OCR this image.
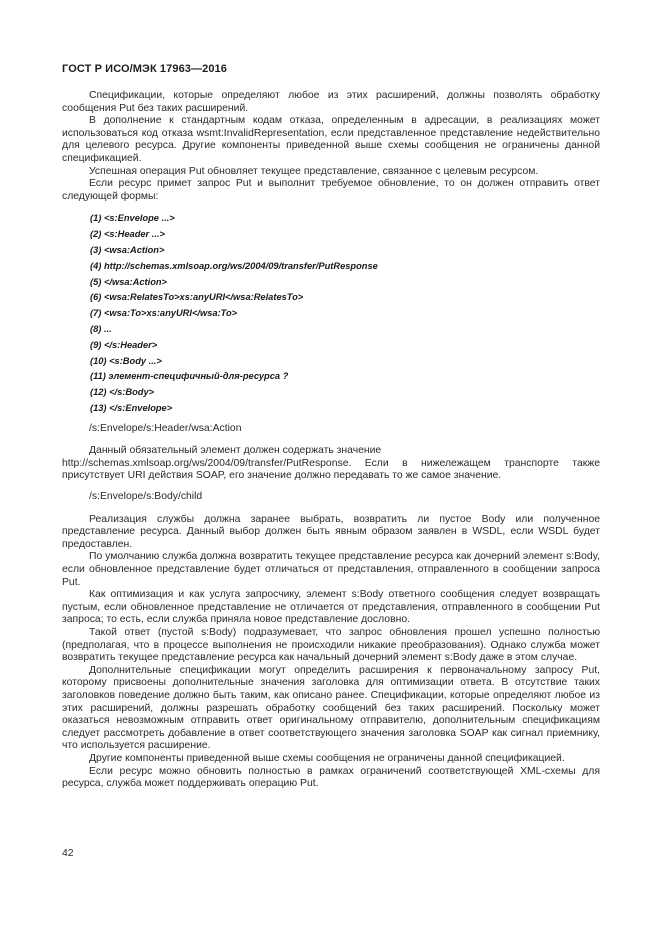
ГОСТ Р ИСО/МЭК 17963—2016

Спецификации, которые определяют любое из этих расширений, должны позволять обработку сообщения Put без таких расширений.

В дополнение к стандартным кодам отказа, определенным в адресации, в реализациях может использоваться код отказа wsmt:InvalidRepresentation, если представленное представление недействительно для целевого ресурса. Другие компоненты приведенной выше схемы сообщения не ограничены данной спецификацией.

Успешная операция Put обновляет текущее представление, связанное с целевым ресурсом.

Если ресурс примет запрос Put и выполнит требуемое обновление, то он должен отправить ответ следующей формы:

(1) <s:Envelope ...>
(2) <s:Header ...>
(3) <wsa:Action>
(4) http://schemas.xmlsoap.org/ws/2004/09/transfer/PutResponse
(5) </wsa:Action>
(6) <wsa:RelatesTo>xs:anyURI</wsa:RelatesTo>
(7) <wsa:To>xs:anyURI</wsa:To>
(8) ...
(9) </s:Header>
(10) <s:Body ...>
(11) элемент-специфичный-для-ресурса ?
(12) </s:Body>
(13) </s:Envelope>

/s:Envelope/s:Header/wsa:Action

Данный обязательный элемент должен содержать значение
http://schemas.xmlsoap.org/ws/2004/09/transfer/PutResponse. Если в нижележащем транспорте также присутствует URI действия SOAP, его значение должно передавать то же самое значение.

/s:Envelope/s:Body/child

Реализация службы должна заранее выбрать, возвратить ли пустое Body или полученное представление ресурса. Данный выбор должен быть явным образом заявлен в WSDL, если WSDL будет предоставлен.

По умолчанию служба должна возвратить текущее представление ресурса как дочерний элемент s:Body, если обновленное представление будет отличаться от представления, отправленного в сообщении запроса Put.

Как оптимизация и как услуга запросчику, элемент s:Body ответного сообщения следует возвращать пустым, если обновленное представление не отличается от представления, отправленного в сообщении Put запроса; то есть, если служба приняла новое представление дословно.

Такой ответ (пустой s:Body) подразумевает, что запрос обновления прошел успешно полностью (предполагая, что в процессе выполнения не происходили никакие преобразования). Однако служба может возвратить текущее представление ресурса как начальный дочерний элемент s:Body даже в этом случае.

Дополнительные спецификации могут определить расширения к первоначальному запросу Put, которому присвоены дополнительные значения заголовка для оптимизации ответа. В отсутствие таких заголовков поведение должно быть таким, как описано ранее. Спецификации, которые определяют любое из этих расширений, должны разрешать обработку сообщений без таких расширений. Поскольку может оказаться невозможным отправить ответ оригинальному отправителю, дополнительным спецификациям следует рассмотреть добавление в ответ соответствующего значения заголовка SOAP как сигнал приемнику, что используется расширение.

Другие компоненты приведенной выше схемы сообщения не ограничены данной спецификацией.

Если ресурс можно обновить полностью в рамках ограничений соответствующей XML-схемы для ресурса, служба может поддерживать операцию Put.

42
